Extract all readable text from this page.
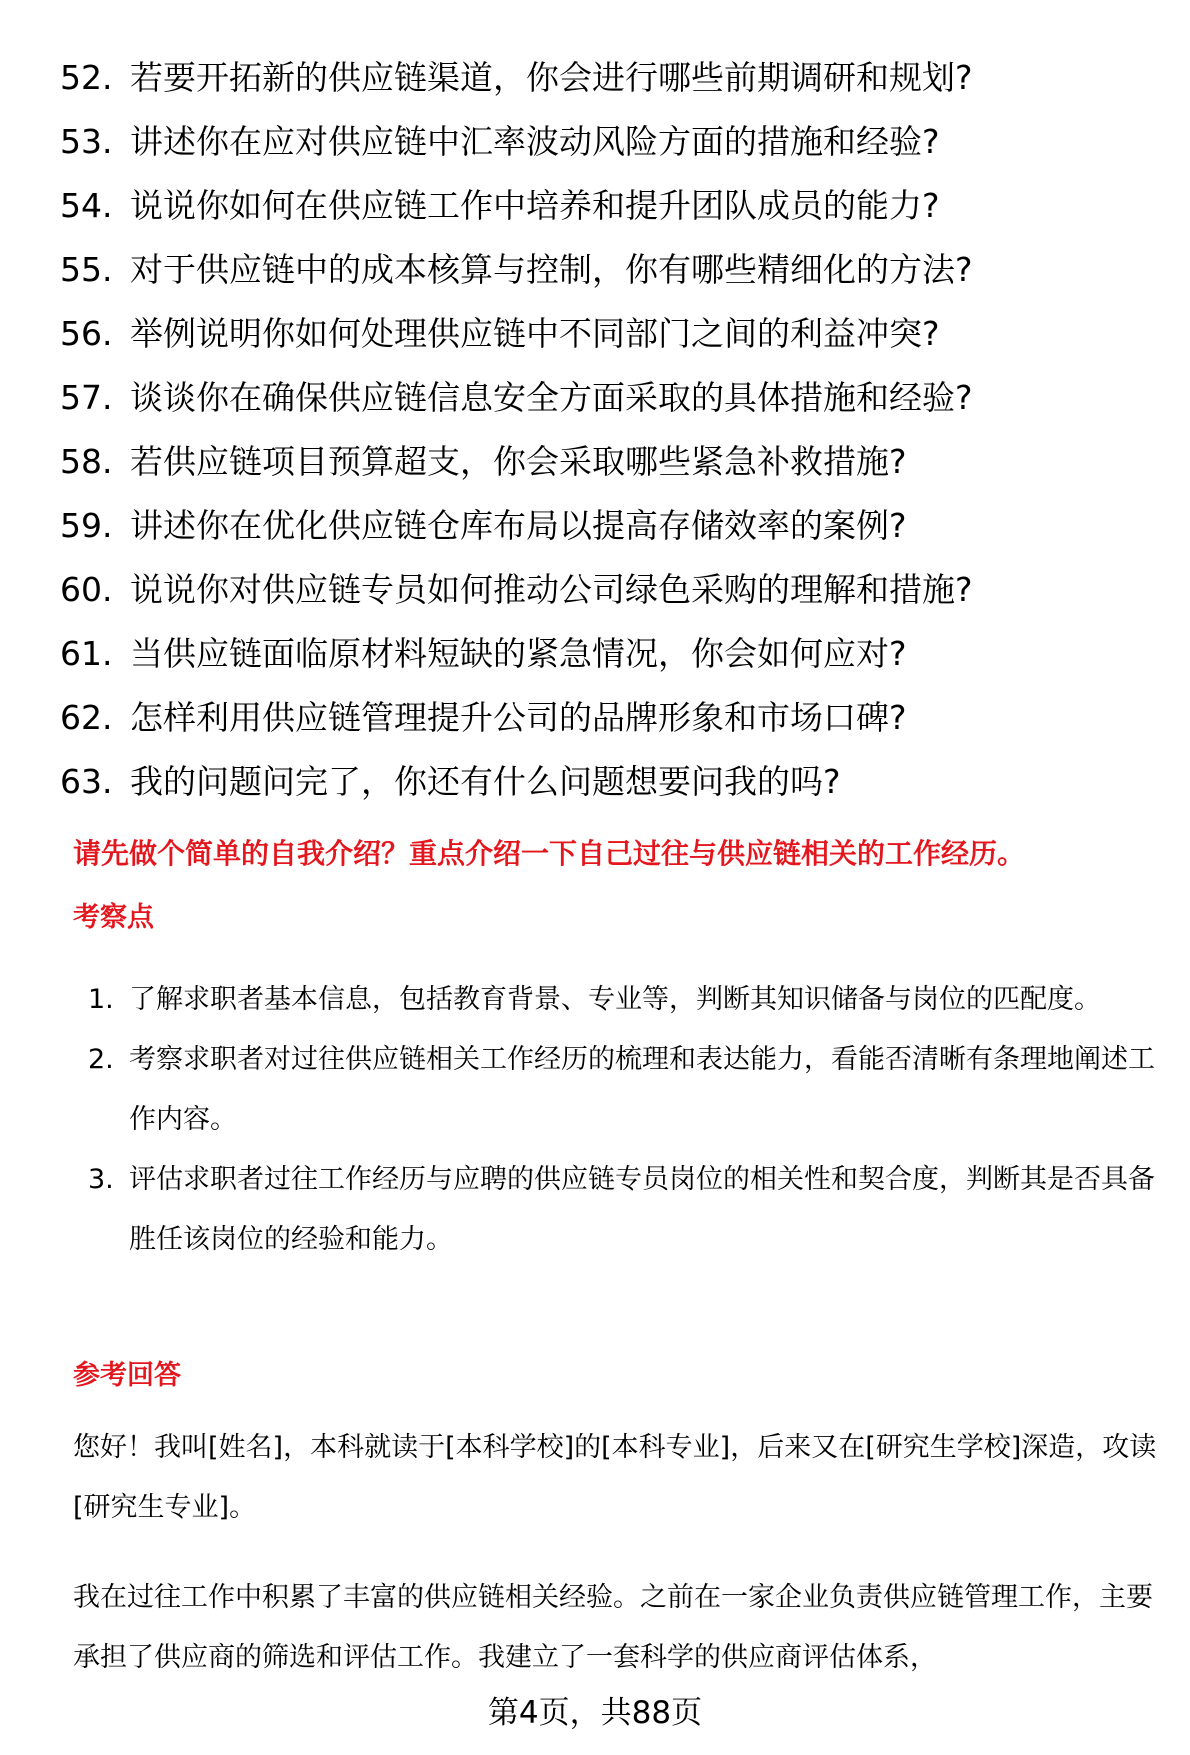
52. 若要开拓新的供应链渠道，你会进行哪些前期调研和规划?
53. 讲述你在应对供应链中汇率波动风险方面的措施和经验?
54. 说说你如何在供应链工作中培养和提升团队成员的能力?
55. 对于供应链中的成本核算与控制，你有哪些精细化的方法?
56. 举例说明你如何处理供应链中不同部门之间的利益冲突?
57. 谈谈你在确保供应链信息安全方面采取的具体措施和经验?
58. 若供应链项目预算超支，你会采取哪些紧急补救措施?
59. 讲述你在优化供应链仓库布局以提高存储效率的案例?
60. 说说你对供应链专员如何推动公司绿色采购的理解和措施?
61. 当供应链面临原材料短缺的紧急情况，你会如何应对?
62. 怎样利用供应链管理提升公司的品牌形象和市场口碑?
63. 我的问题问完了，你还有什么问题想要问我的吗?
请先做个简单的自我介绍？重点介绍一下自己过往与供应链相关的工作经历。
考察点
1. 了解求职者基本信息，包括教育背景、专业等，判断其知识储备与岗位的匹配度。
2. 考察求职者对过往供应链相关工作经历的梳理和表达能力，看能否清晰有条理地阐述工作内容。
3. 评估求职者过往工作经历与应聘的供应链专员岗位的相关性和契合度，判断其是否具备胜任该岗位的经验和能力。
参考回答
您好！我叫[姓名]，本科就读于[本科学校]的[本科专业]，后来又在[研究生学校]深造，攻读[研究生专业]。
我在过往工作中积累了丰富的供应链相关经验。之前在一家企业负责供应链管理工作，主要承担了供应商的筛选和评估工作。我建立了一套科学的供应商评估体系，
第4页，共88页
